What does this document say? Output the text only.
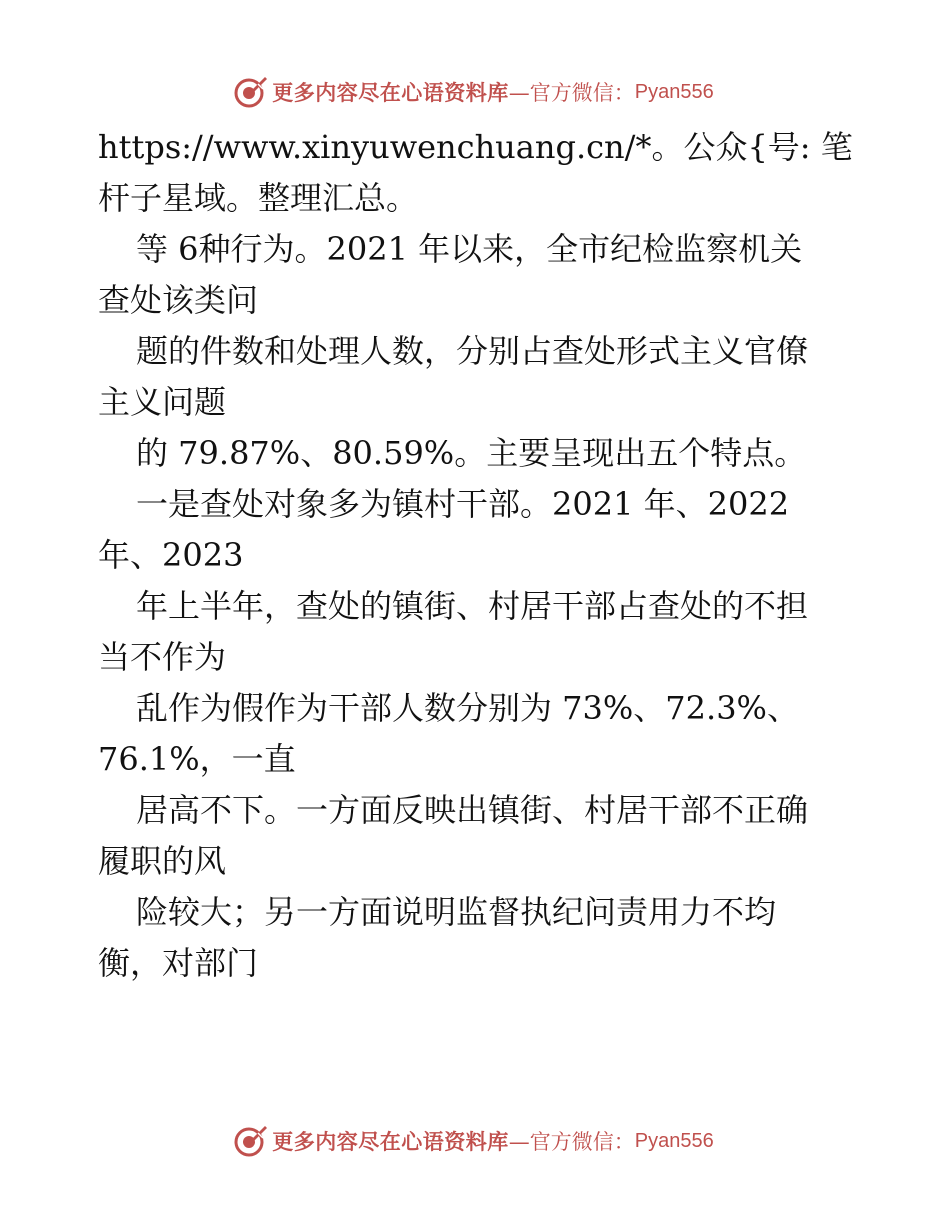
更多内容尽在心语资料库 —官方微信： Pyan556
https://www.xinyuwenchuang.cn/*。公众{号: 笔
杆子星域。整理汇总。
等 6种行为。2021 年以来，全市纪检监察机关
查处该类问
题的件数和处理人数，分别占查处形式主义官僚
主义问题
的 79.87%、80.59%。主要呈现出五个特点。
一是查处对象多为镇村干部。2021 年、2022
年、2023
年上半年，查处的镇街、村居干部占查处的不担
当不作为
乱作为假作为干部人数分别为 73%、72.3%、
76.1%，一直
居高不下。一方面反映出镇街、村居干部不正确
履职的风
险较大；另一方面说明监督执纪问责用力不均
衡，对部门
更多内容尽在心语资料库 —官方微信： Pyan556
